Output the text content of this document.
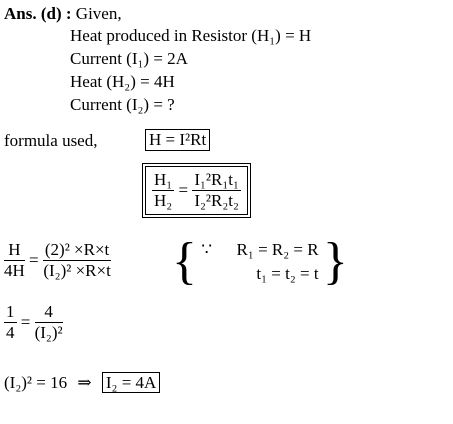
Ans. (d) : Given,
Heat produced in Resistor (H₁) = H
Current (I₁) = 2A
Heat (H₂) = 4H
Current (I₂) = ?
formula used,	H = I²Rt
$\frac{\text{H₁}}{\text{H₂}} = \frac{\text{I₁²R₁t₁}}{\text{I₂²R₂t₂}}$
$\frac{H}{4H} = \frac{\text{(2)² ×R×t}}{\text{(I₂)² ×R×t}}$ { ∵ R₁ = R₂ = R
t₁ = t₂ = t }
$\frac{1}{4} = \frac{4}{\text{(I₂)²}}$
(I₂)² = 16 ⇒ I₂ = 4A
